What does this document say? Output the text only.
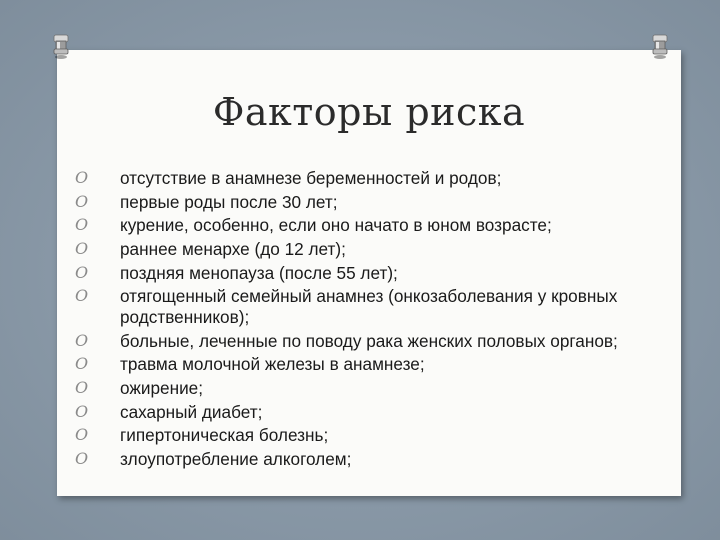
Факторы риска
O отсутствие в анамнезе беременностей и родов;
O первые роды после 30 лет;
O курение, особенно, если оно начато в юном возрасте;
O раннее менархе (до 12 лет);
O поздняя менопауза (после 55 лет);
O отягощенный семейный анамнез (онкозаболевания у кровных родственников);
O больные, леченные по поводу рака женских половых органов;
O травма молочной железы в анамнезе;
O ожирение;
O сахарный диабет;
O гипертоническая болезнь;
O злоупотребление алкоголем;
